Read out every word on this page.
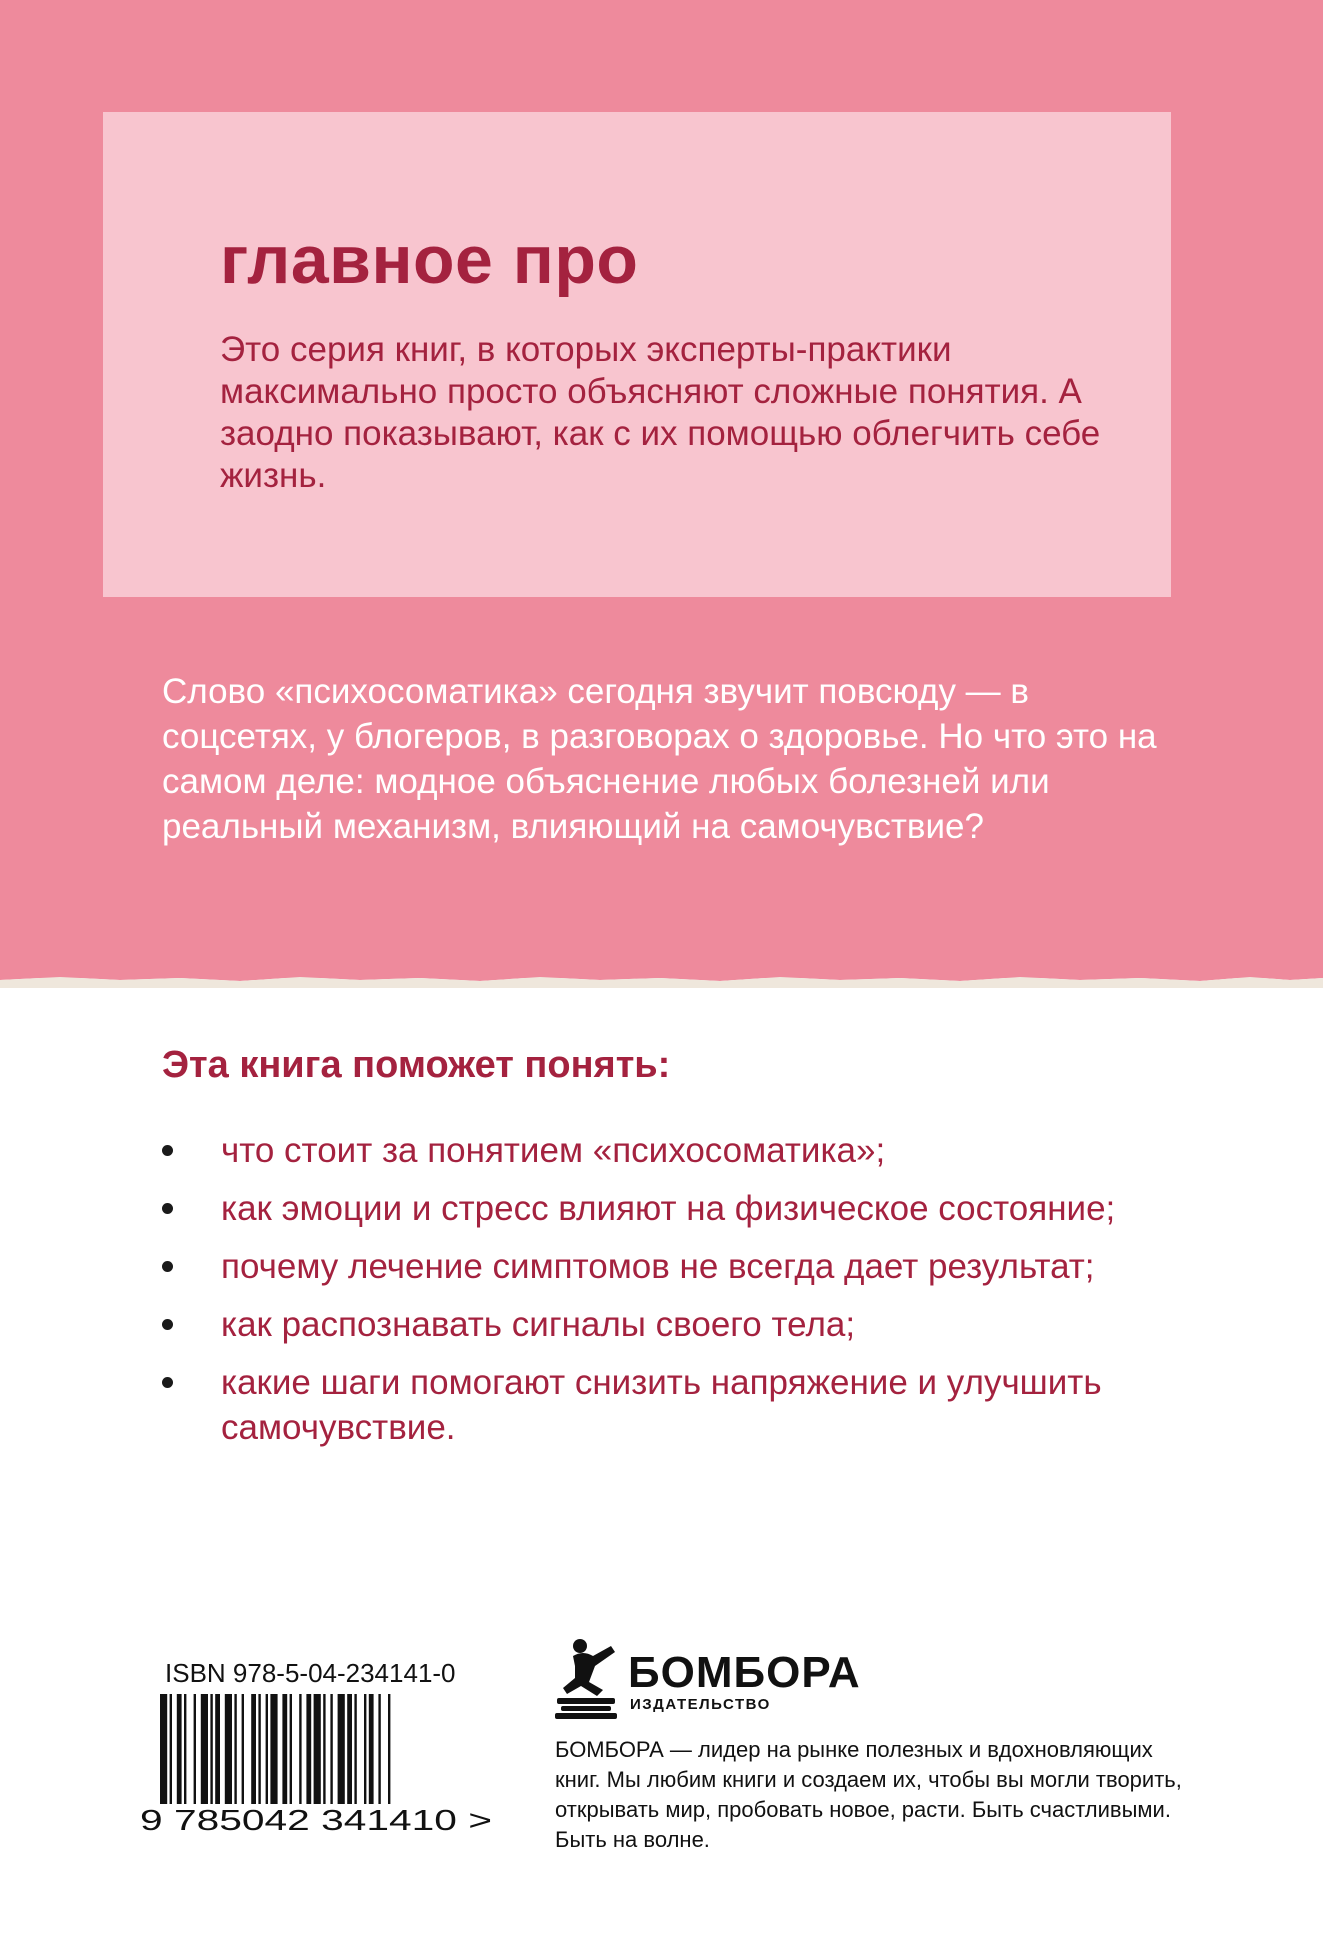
главное про
Это серия книг, в которых эксперты-практики максимально просто объясняют сложные понятия. А заодно показывают, как с их помощью облегчить себе жизнь.
Слово «психосоматика» сегодня звучит повсюду — в соцсетях, у блогеров, в разговорах о здоровье. Но что это на самом деле: модное объяснение любых болезней или реальный механизм, влияющий на самочувствие?
Эта книга поможет понять:
что стоит за понятием «психосоматика»;
как эмоции и стресс влияют на физическое состояние;
почему лечение симптомов не всегда дает результат;
как распознавать сигналы своего тела;
какие шаги помогают снизить напряжение и улучшить самочувствие.
ISBN 978-5-04-234141-0
9 785042 341410 >
БОМБОРА
ИЗДАТЕЛЬСТВО
БОМБОРА — лидер на рынке полезных и вдохновляющих книг. Мы любим книги и создаем их, чтобы вы могли творить, открывать мир, пробовать новое, расти. Быть счастливыми. Быть на волне.
